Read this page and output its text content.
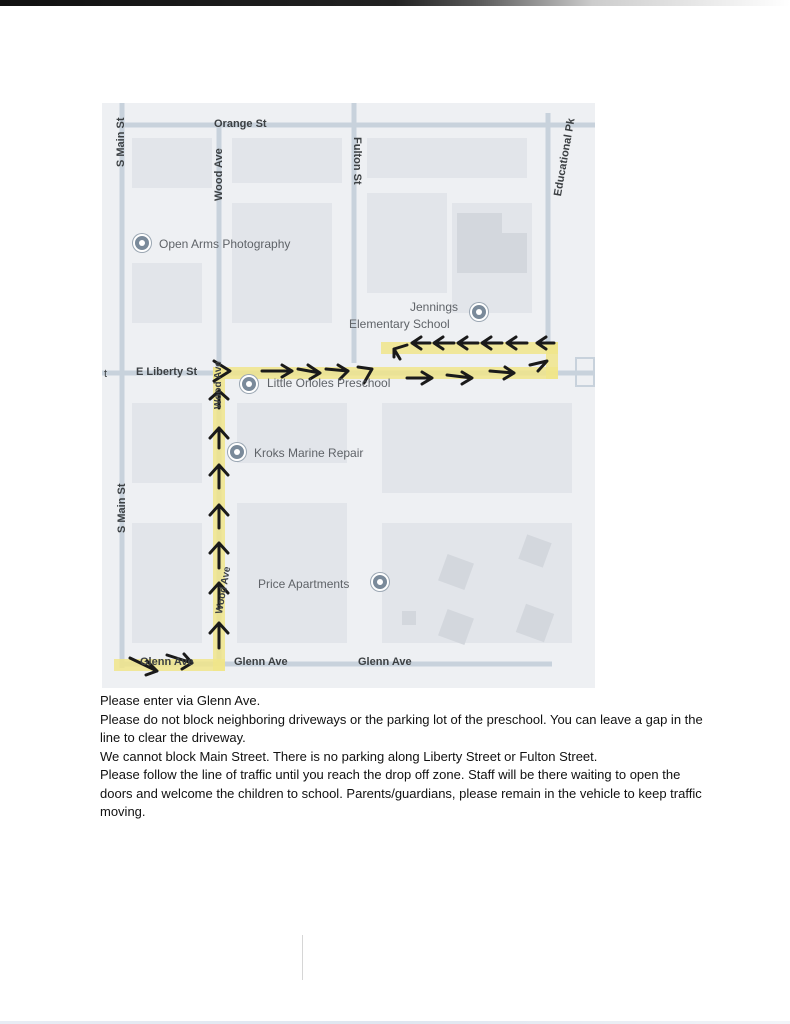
Orange St
S Main St
Wood Ave	Fulton St	Educational Pk
t	E Liberty St Wood Ave
S Main St
Wood Ave
Glenn Ave	Glenn Ave	Glenn Ave
Open Arms Photography
Jennings
Elementary School
Little Orioles Preschool
Kroks Marine Repair
Price Apartments

Please enter via Glenn Ave.

Please do not block neighboring driveways or the parking lot of the preschool. You can leave a gap in the line to clear the driveway.

We cannot block Main Street. There is no parking along Liberty Street or Fulton Street.

Please follow the line of traffic until you reach the drop off zone. Staff will be there waiting to open the doors and welcome the children to school. Parents/guardians, please remain in the vehicle to keep traffic moving.
